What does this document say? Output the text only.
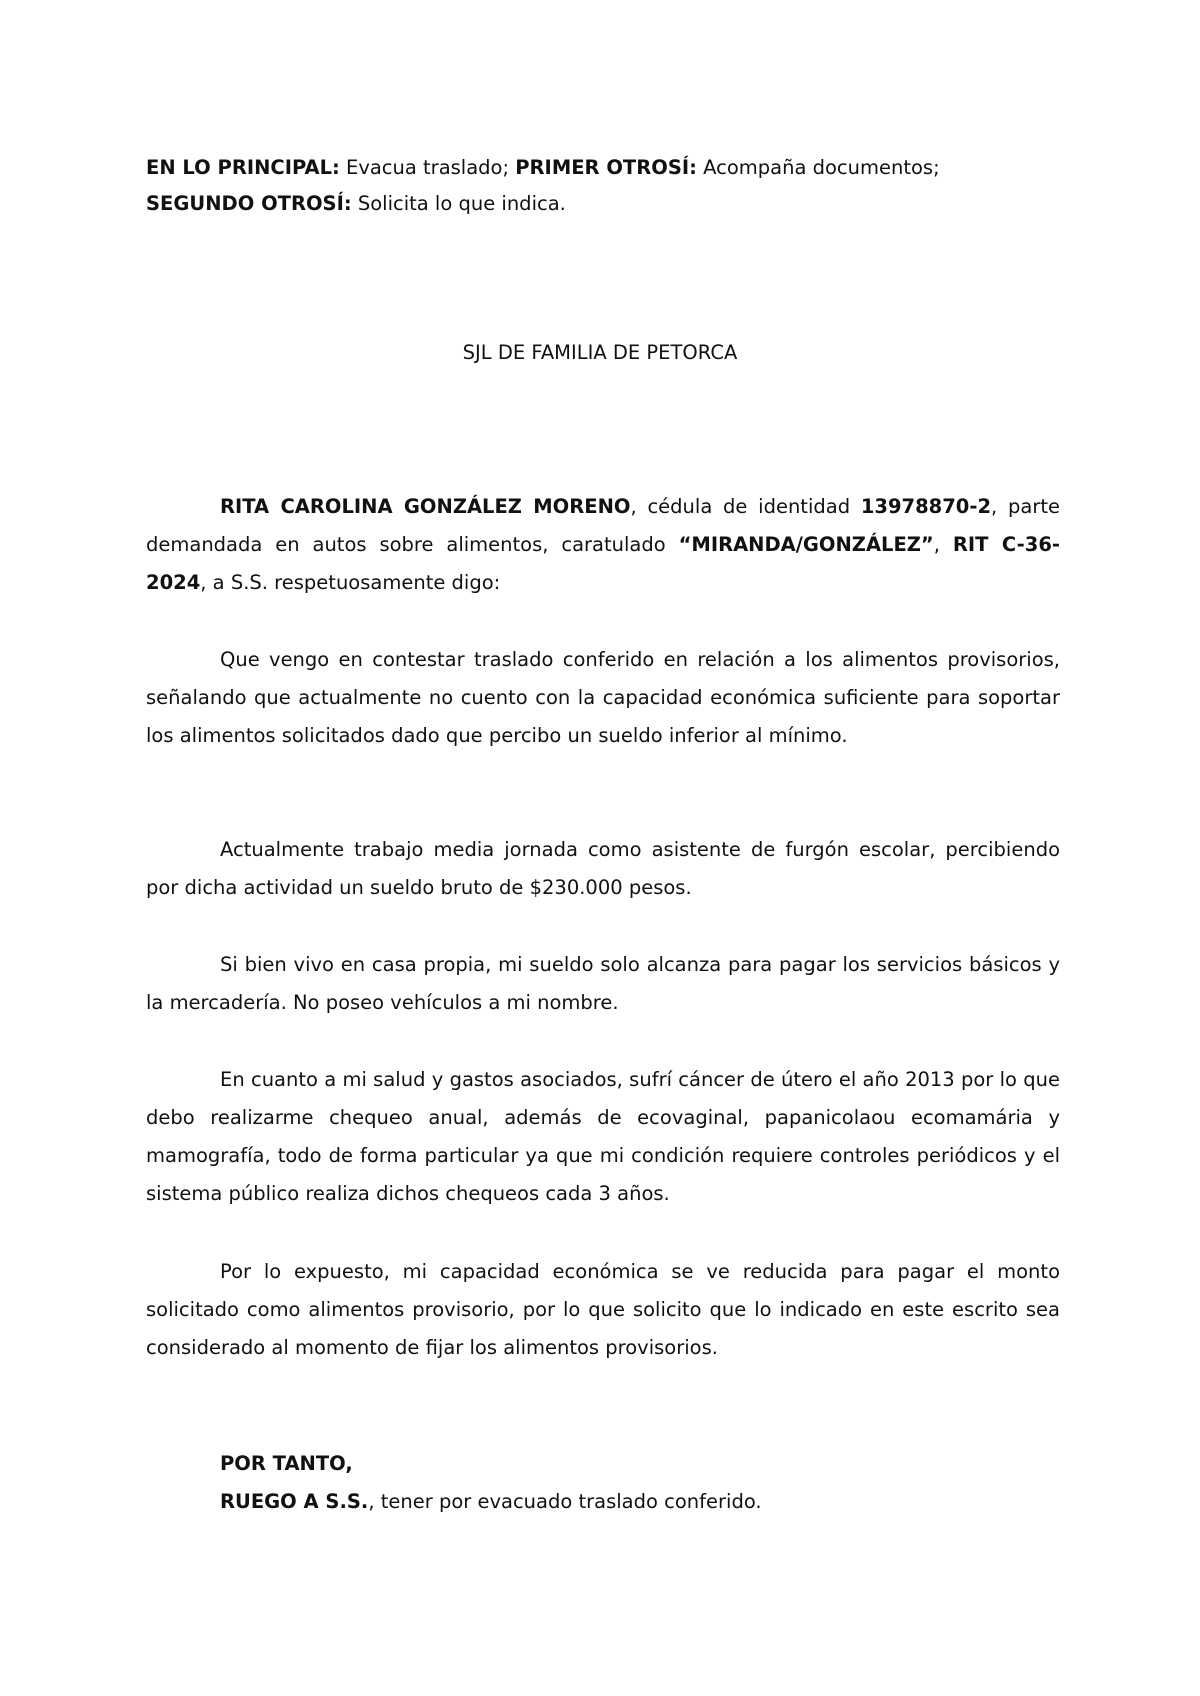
EN LO PRINCIPAL: Evacua traslado; PRIMER OTROSÍ: Acompaña documentos;
SEGUNDO OTROSÍ: Solicita lo que indica.
SJL DE FAMILIA DE PETORCA
RITA CAROLINA GONZÁLEZ MORENO, cédula de identidad 13978870-2, parte demandada en autos sobre alimentos, caratulado “MIRANDA/GONZÁLEZ”, RIT C-36-2024, a S.S. respetuosamente digo:
Que vengo en contestar traslado conferido en relación a los alimentos provisorios, señalando que actualmente no cuento con la capacidad económica suficiente para soportar los alimentos solicitados dado que percibo un sueldo inferior al mínimo.
Actualmente trabajo media jornada como asistente de furgón escolar, percibiendo por dicha actividad un sueldo bruto de $230.000 pesos.
Si bien vivo en casa propia, mi sueldo solo alcanza para pagar los servicios básicos y la mercadería. No poseo vehículos a mi nombre.
En cuanto a mi salud y gastos asociados, sufrí cáncer de útero el año 2013 por lo que debo realizarme chequeo anual, además de ecovaginal, papanicolaou ecomamária y mamografía, todo de forma particular ya que mi condición requiere controles periódicos y el sistema público realiza dichos chequeos cada 3 años.
Por lo expuesto, mi capacidad económica se ve reducida para pagar el monto solicitado como alimentos provisorio, por lo que solicito que lo indicado en este escrito sea considerado al momento de fijar los alimentos provisorios.
POR TANTO,
RUEGO A S.S., tener por evacuado traslado conferido.
